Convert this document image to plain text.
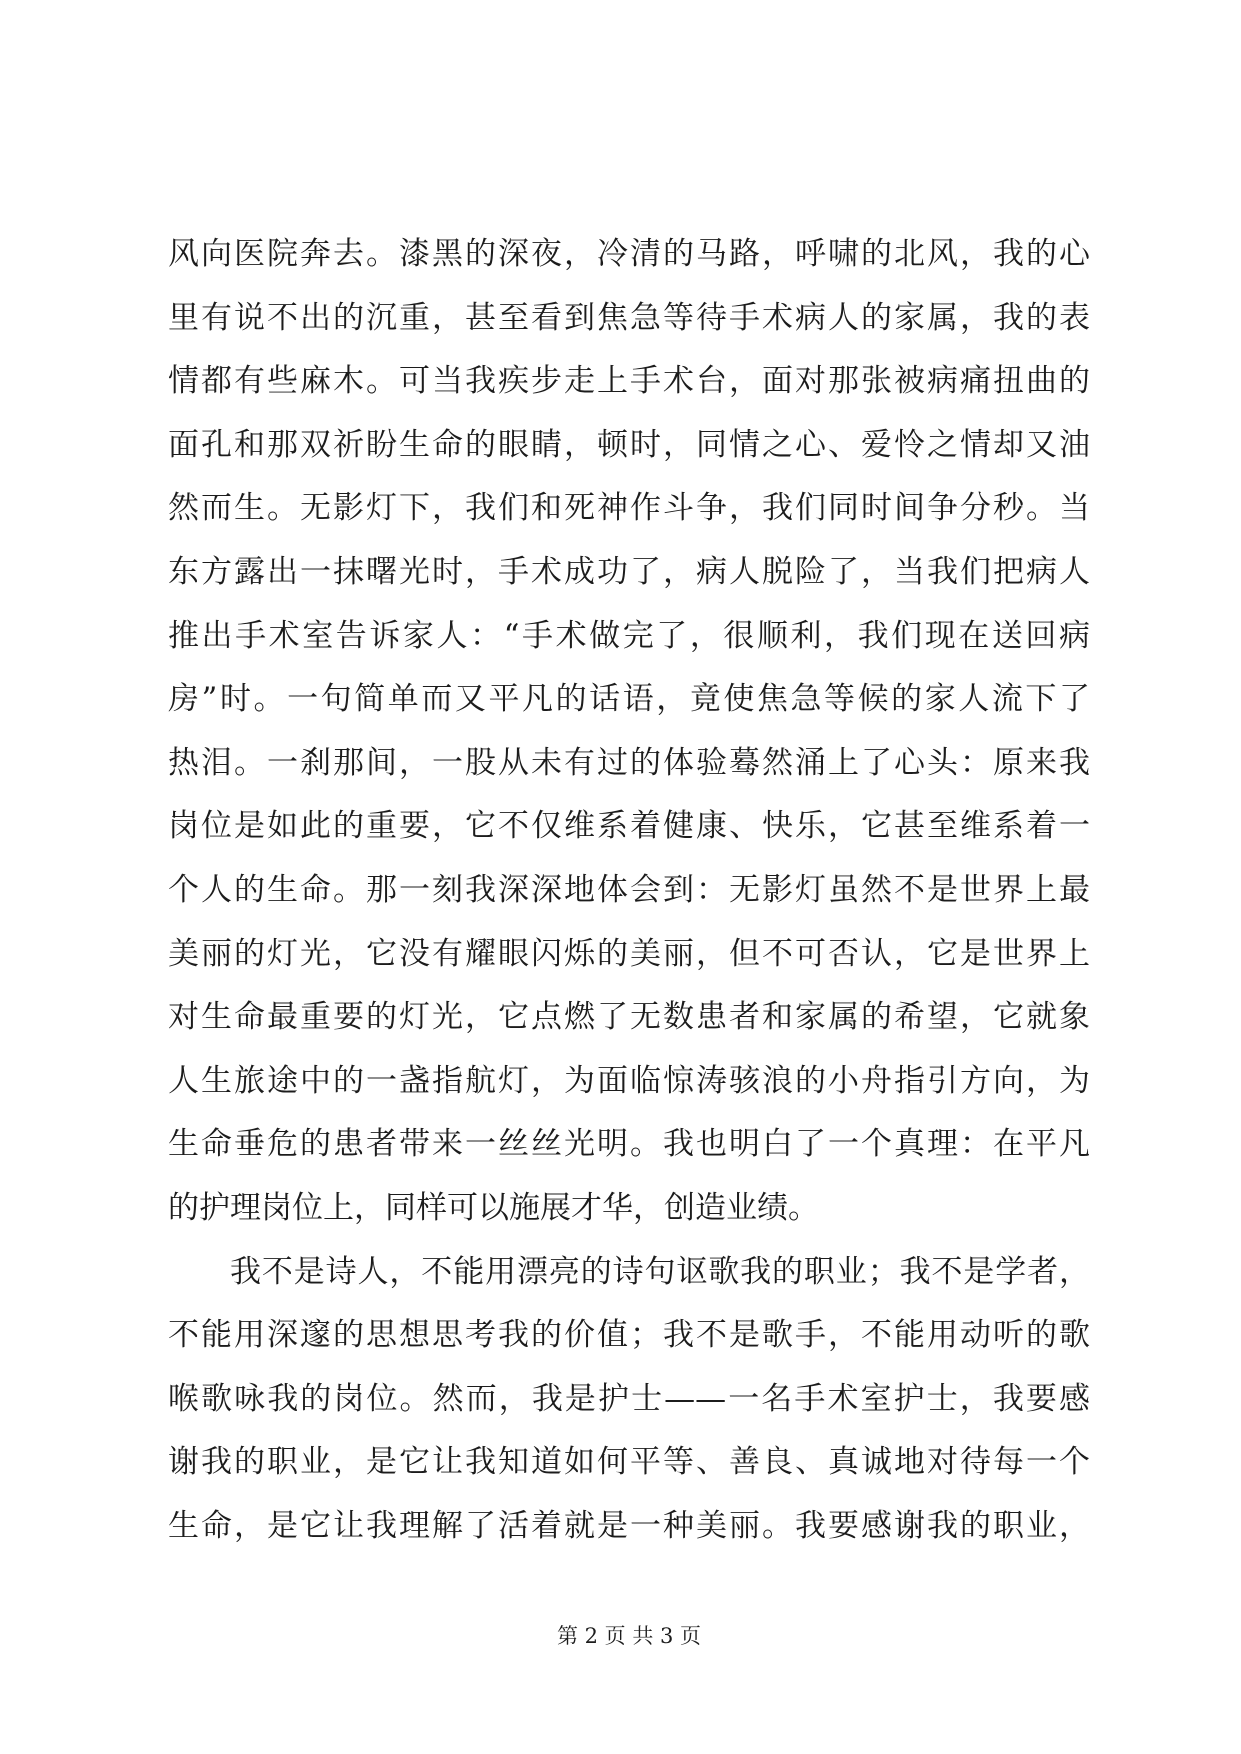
风向医院奔去。漆黑的深夜，冷清的马路，呼啸的北风，我的心
里有说不出的沉重，甚至看到焦急等待手术病人的家属，我的表
情都有些麻木。可当我疾步走上手术台，面对那张被病痛扭曲的
面孔和那双祈盼生命的眼睛，顿时，同情之心、爱怜之情却又油
然而生。无影灯下，我们和死神作斗争，我们同时间争分秒。当
东方露出一抹曙光时，手术成功了，病人脱险了，当我们把病人
推出手术室告诉家人：“手术做完了，很顺利，我们现在送回病
房”时。一句简单而又平凡的话语，竟使焦急等候的家人流下了
热泪。一刹那间，一股从未有过的体验蓦然涌上了心头：原来我
岗位是如此的重要，它不仅维系着健康、快乐，它甚至维系着一
个人的生命。那一刻我深深地体会到：无影灯虽然不是世界上最
美丽的灯光，它没有耀眼闪烁的美丽，但不可否认，它是世界上
对生命最重要的灯光，它点燃了无数患者和家属的希望，它就象
人生旅途中的一盏指航灯，为面临惊涛骇浪的小舟指引方向，为
生命垂危的患者带来一丝丝光明。我也明白了一个真理：在平凡
的护理岗位上，同样可以施展才华，创造业绩。
我不是诗人，不能用漂亮的诗句讴歌我的职业；我不是学者，
不能用深邃的思想思考我的价值；我不是歌手，不能用动听的歌
喉歌咏我的岗位。然而，我是护士——一名手术室护士，我要感
谢我的职业，是它让我知道如何平等、善良、真诚地对待每一个
生命，是它让我理解了活着就是一种美丽。我要感谢我的职业，
第 2 页 共 3 页
